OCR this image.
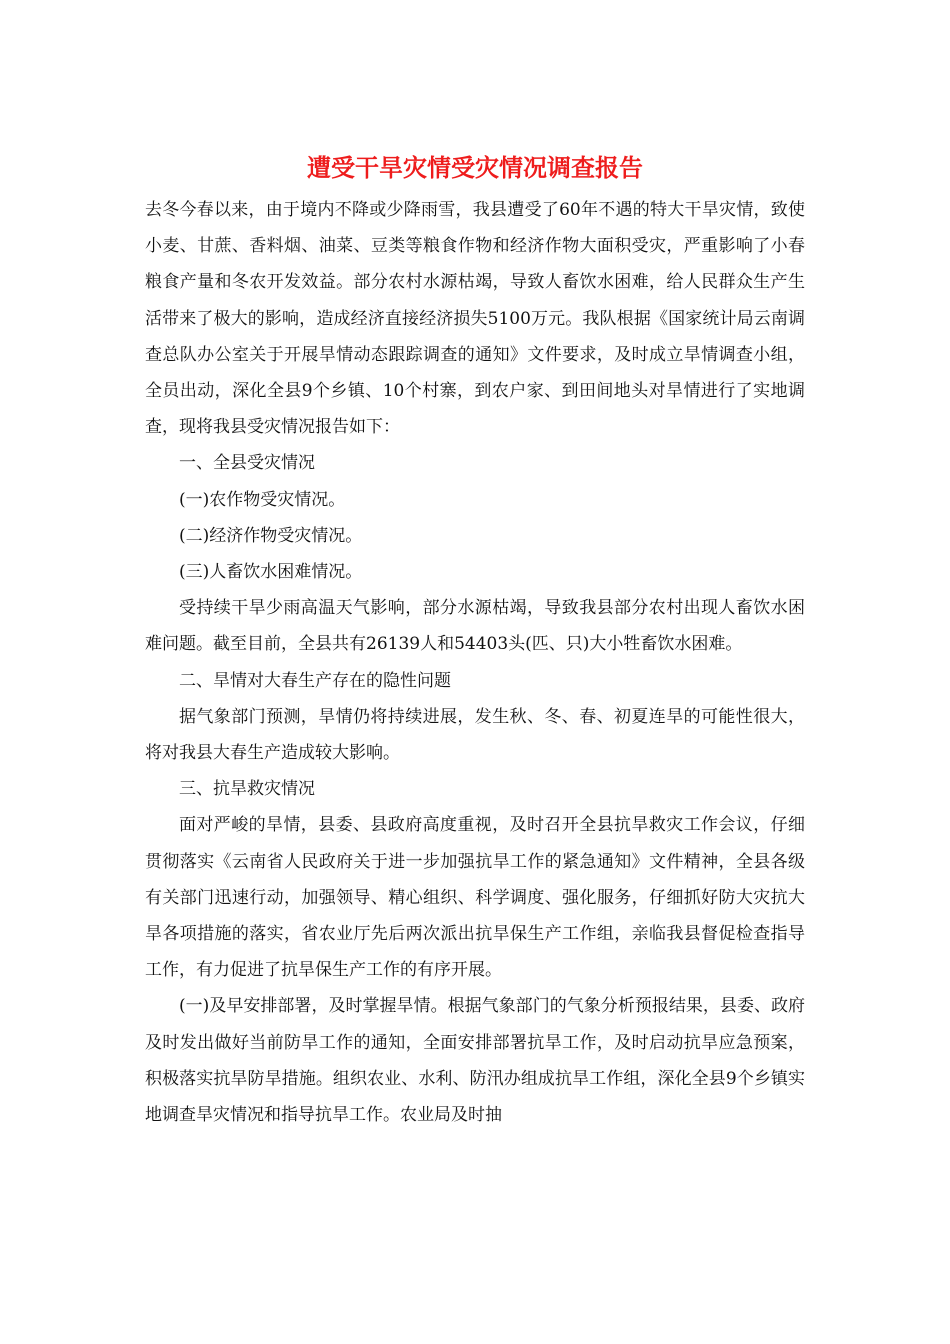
遭受干旱灾情受灾情况调查报告

去冬今春以来，由于境内不降或少降雨雪，我县遭受了60年不遇的特大干旱灾情，致使小麦、甘蔗、香料烟、油菜、豆类等粮食作物和经济作物大面积受灾，严重影响了小春粮食产量和冬农开发效益。部分农村水源枯竭，导致人畜饮水困难，给人民群众生产生活带来了极大的影响，造成经济直接经济损失5100万元。我队根据《国家统计局云南调查总队办公室关于开展旱情动态跟踪调查的通知》文件要求，及时成立旱情调查小组，全员出动，深化全县9个乡镇、10个村寨，到农户家、到田间地头对旱情进行了实地调查，现将我县受灾情况报告如下：

一、全县受灾情况

(一)农作物受灾情况。

(二)经济作物受灾情况。

(三)人畜饮水困难情况。

受持续干旱少雨高温天气影响，部分水源枯竭，导致我县部分农村出现人畜饮水困难问题。截至目前，全县共有26139人和54403头(匹、只)大小牲畜饮水困难。

二、旱情对大春生产存在的隐性问题

据气象部门预测，旱情仍将持续进展，发生秋、冬、春、初夏连旱的可能性很大，将对我县大春生产造成较大影响。

三、抗旱救灾情况

面对严峻的旱情，县委、县政府高度重视，及时召开全县抗旱救灾工作会议，仔细贯彻落实《云南省人民政府关于进一步加强抗旱工作的紧急通知》文件精神，全县各级有关部门迅速行动，加强领导、精心组织、科学调度、强化服务，仔细抓好防大灾抗大旱各项措施的落实，省农业厅先后两次派出抗旱保生产工作组，亲临我县督促检查指导工作，有力促进了抗旱保生产工作的有序开展。

(一)及早安排部署，及时掌握旱情。根据气象部门的气象分析预报结果，县委、政府及时发出做好当前防旱工作的通知，全面安排部署抗旱工作，及时启动抗旱应急预案，积极落实抗旱防旱措施。组织农业、水利、防汛办组成抗旱工作组，深化全县9个乡镇实地调查旱灾情况和指导抗旱工作。农业局及时抽
